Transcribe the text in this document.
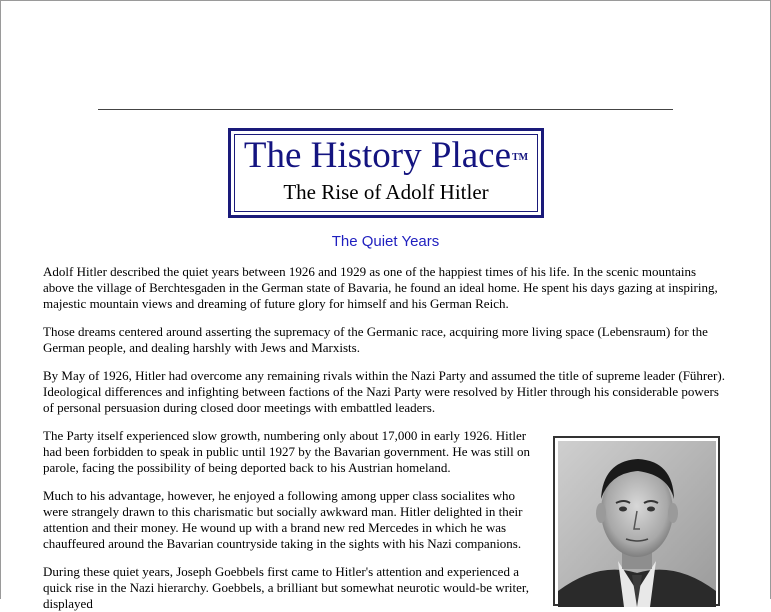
The History Place™
The Rise of Adolf Hitler
The Quiet Years

Adolf Hitler described the quiet years between 1926 and 1929 as one of the happiest times of his life. In the scenic mountains above the village of Berchtesgaden in the German state of Bavaria, he found an ideal home. He spent his days gazing at inspiring, majestic mountain views and dreaming of future glory for himself and his German Reich.

Those dreams centered around asserting the supremacy of the Germanic race, acquiring more living space (Lebensraum) for the German people, and dealing harshly with Jews and Marxists.

By May of 1926, Hitler had overcome any remaining rivals within the Nazi Party and assumed the title of supreme leader (Führer). Ideological differences and infighting between factions of the Nazi Party were resolved by Hitler through his considerable powers of personal persuasion during closed door meetings with embattled leaders.

The Party itself experienced slow growth, numbering only about 17,000 in early 1926. Hitler had been forbidden to speak in public until 1927 by the Bavarian government. He was still on parole, facing the possibility of being deported back to his Austrian homeland.

Much to his advantage, however, he enjoyed a following among upper class socialites who were strangely drawn to this charismatic but socially awkward man. Hitler delighted in their attention and their money. He wound up with a brand new red Mercedes in which he was chauffeured around the Bavarian countryside taking in the sights with his Nazi companions.

During these quiet years, Joseph Goebbels first came to Hitler's attention and experienced a quick rise in the Nazi hierarchy. Goebbels, a brilliant but somewhat neurotic would-be writer, displayed
